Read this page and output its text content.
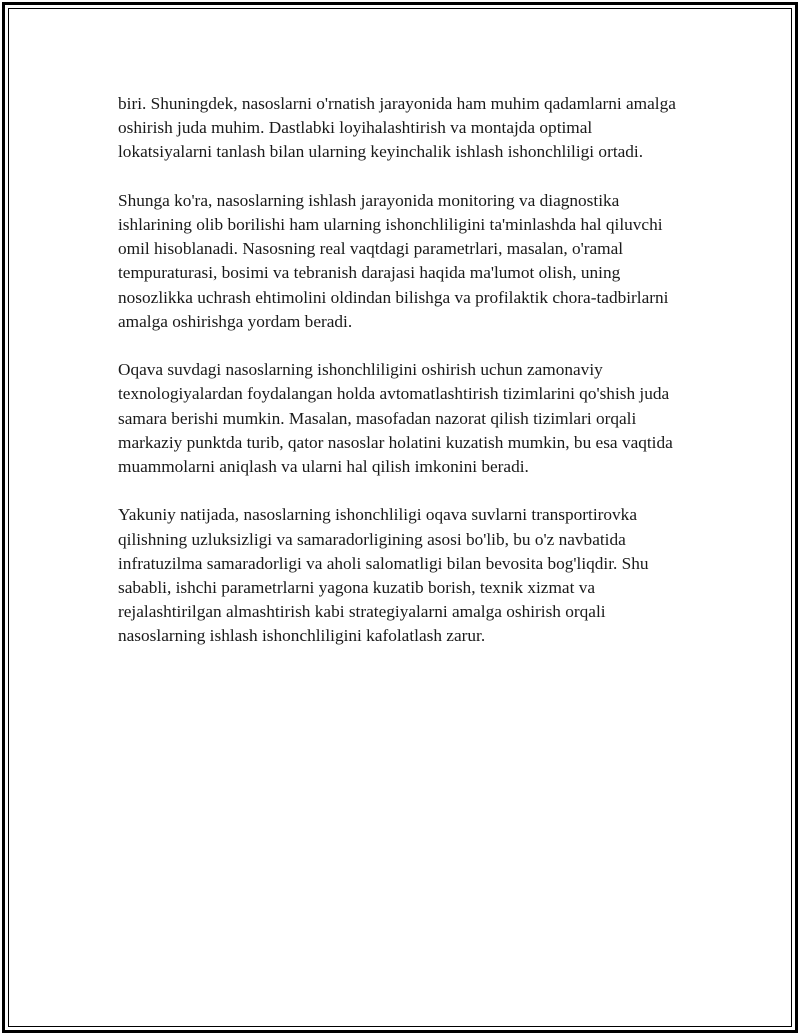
biri. Shuningdek, nasoslarni o'rnatish jarayonida ham muhim qadamlarni amalga oshirish juda muhim. Dastlabki loyihalashtirish va montajda optimal lokatsiyalarni tanlash bilan ularning keyinchalik ishlash ishonchliligi ortadi.

Shunga ko'ra, nasoslarning ishlash jarayonida monitoring va diagnostika ishlarining olib borilishi ham ularning ishonchliligini ta'minlashda hal qiluvchi omil hisoblanadi. Nasosning real vaqtdagi parametrlari, masalan, o'ramal tempuraturasi, bosimi va tebranish darajasi haqida ma'lumot olish, uning nosozlikka uchrash ehtimolini oldindan bilishga va profilaktik chora-tadbirlarni amalga oshirishga yordam beradi.

Oqava suvdagi nasoslarning ishonchliligini oshirish uchun zamonaviy texnologiyalardan foydalangan holda avtomatlashtirish tizimlarini qo'shish juda samara berishi mumkin. Masalan, masofadan nazorat qilish tizimlari orqali markaziy punktda turib, qator nasoslar holatini kuzatish mumkin, bu esa vaqtida muammolarni aniqlash va ularni hal qilish imkonini beradi.

Yakuniy natijada, nasoslarning ishonchliligi oqava suvlarni transportirovka qilishning uzluksizligi va samaradorligining asosi bo'lib, bu o'z navbatida infratuzilma samaradorligi va aholi salomatligi bilan bevosita bog'liqdir. Shu sababli, ishchi parametrlarni yagona kuzatib borish, texnik xizmat va rejalashtirilgan almashtirish kabi strategiyalarni amalga oshirish orqali nasoslarning ishlash ishonchliligini kafolatlash zarur.
